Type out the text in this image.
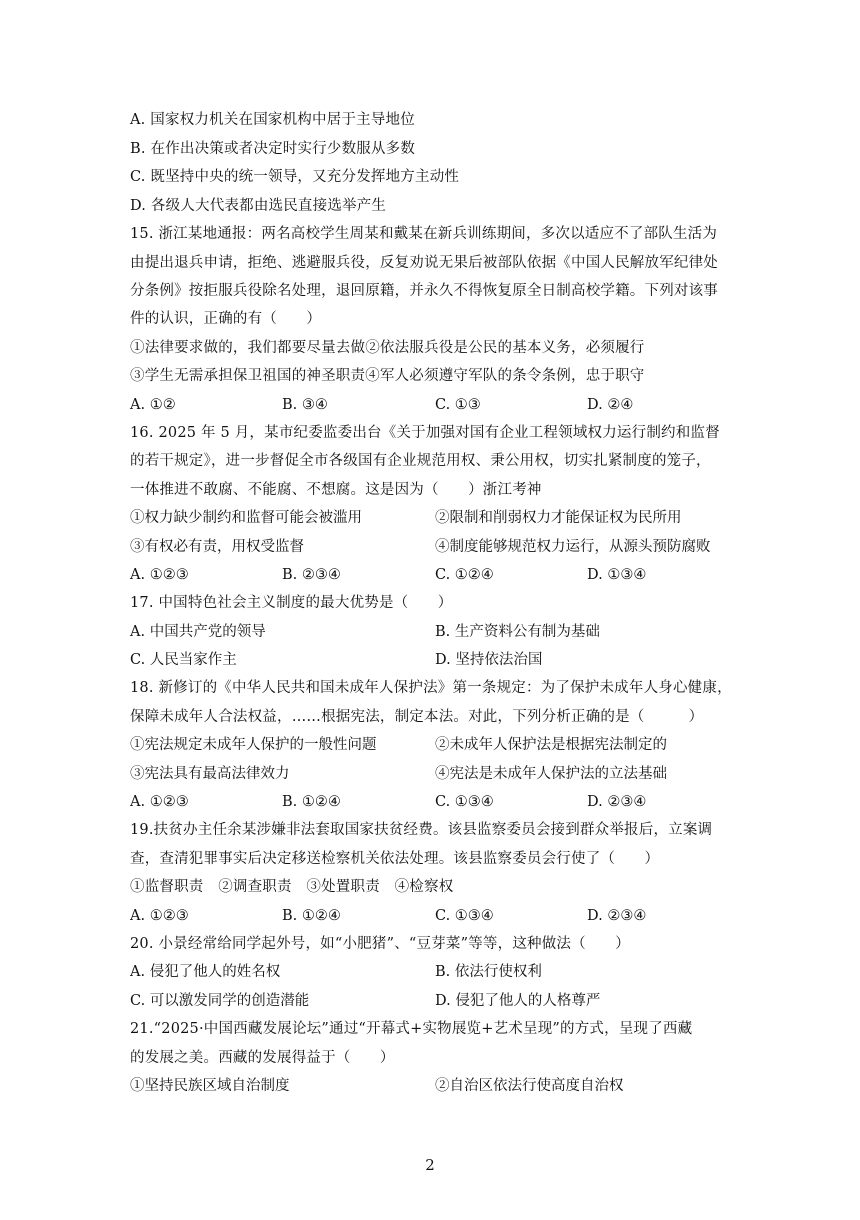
A. 国家权力机关在国家机构中居于主导地位
B. 在作出决策或者决定时实行少数服从多数
C. 既坚持中央的统一领导，又充分发挥地方主动性
D. 各级人大代表都由选民直接选举产生
15. 浙江某地通报：两名高校学生周某和戴某在新兵训练期间，多次以适应不了部队生活为
由提出退兵申请，拒绝、逃避服兵役，反复劝说无果后被部队依据《中国人民解放军纪律处
分条例》按拒服兵役除名处理，退回原籍，并永久不得恢复原全日制高校学籍。下列对该事
件的认识，正确的有（　　）
①法律要求做的，我们都要尽量去做②依法服兵役是公民的基本义务，必须履行
③学生无需承担保卫祖国的神圣职责④军人必须遵守军队的条令条例，忠于职守
A. ①②	B. ③④	C. ①③	D. ②④
16. 2025 年 5 月，某市纪委监委出台《关于加强对国有企业工程领域权力运行制约和监督
的若干规定》，进一步督促全市各级国有企业规范用权、秉公用权，切实扎紧制度的笼子，
一体推进不敢腐、不能腐、不想腐。这是因为（　　）浙江考神
①权力缺少制约和监督可能会被滥用	②限制和削弱权力才能保证权为民所用
③有权必有责，用权受监督	④制度能够规范权力运行，从源头预防腐败
A. ①②③	B. ②③④	C. ①②④	D. ①③④
17. 中国特色社会主义制度的最大优势是（　　）
A. 中国共产党的领导	B. 生产资料公有制为基础
C. 人民当家作主	D. 坚持依法治国
18. 新修订的《中华人民共和国未成年人保护法》第一条规定：为了保护未成年人身心健康，
保障未成年人合法权益，……根据宪法，制定本法。对此，下列分析正确的是（　　　）
①宪法规定未成年人保护的一般性问题	②未成年人保护法是根据宪法制定的
③宪法具有最高法律效力	④宪法是未成年人保护法的立法基础
A. ①②③	B. ①②④	C. ①③④	D. ②③④
19.扶贫办主任余某涉嫌非法套取国家扶贫经费。该县监察委员会接到群众举报后，立案调
查，查清犯罪事实后决定移送检察机关依法处理。该县监察委员会行使了（　　）
①监督职责　②调查职责　③处置职责　④检察权
A. ①②③	B. ①②④	C. ①③④	D. ②③④
20. 小景经常给同学起外号，如“小肥猪”、“豆芽菜”等等，这种做法（　　）
A. 侵犯了他人的姓名权	B. 依法行使权利
C. 可以激发同学的创造潜能	D. 侵犯了他人的人格尊严
21.“2025·中国西藏发展论坛”通过“开幕式+实物展览+艺术呈现”的方式，呈现了西藏
的发展之美。西藏的发展得益于（　　）
①坚持民族区域自治制度	②自治区依法行使高度自治权
2
